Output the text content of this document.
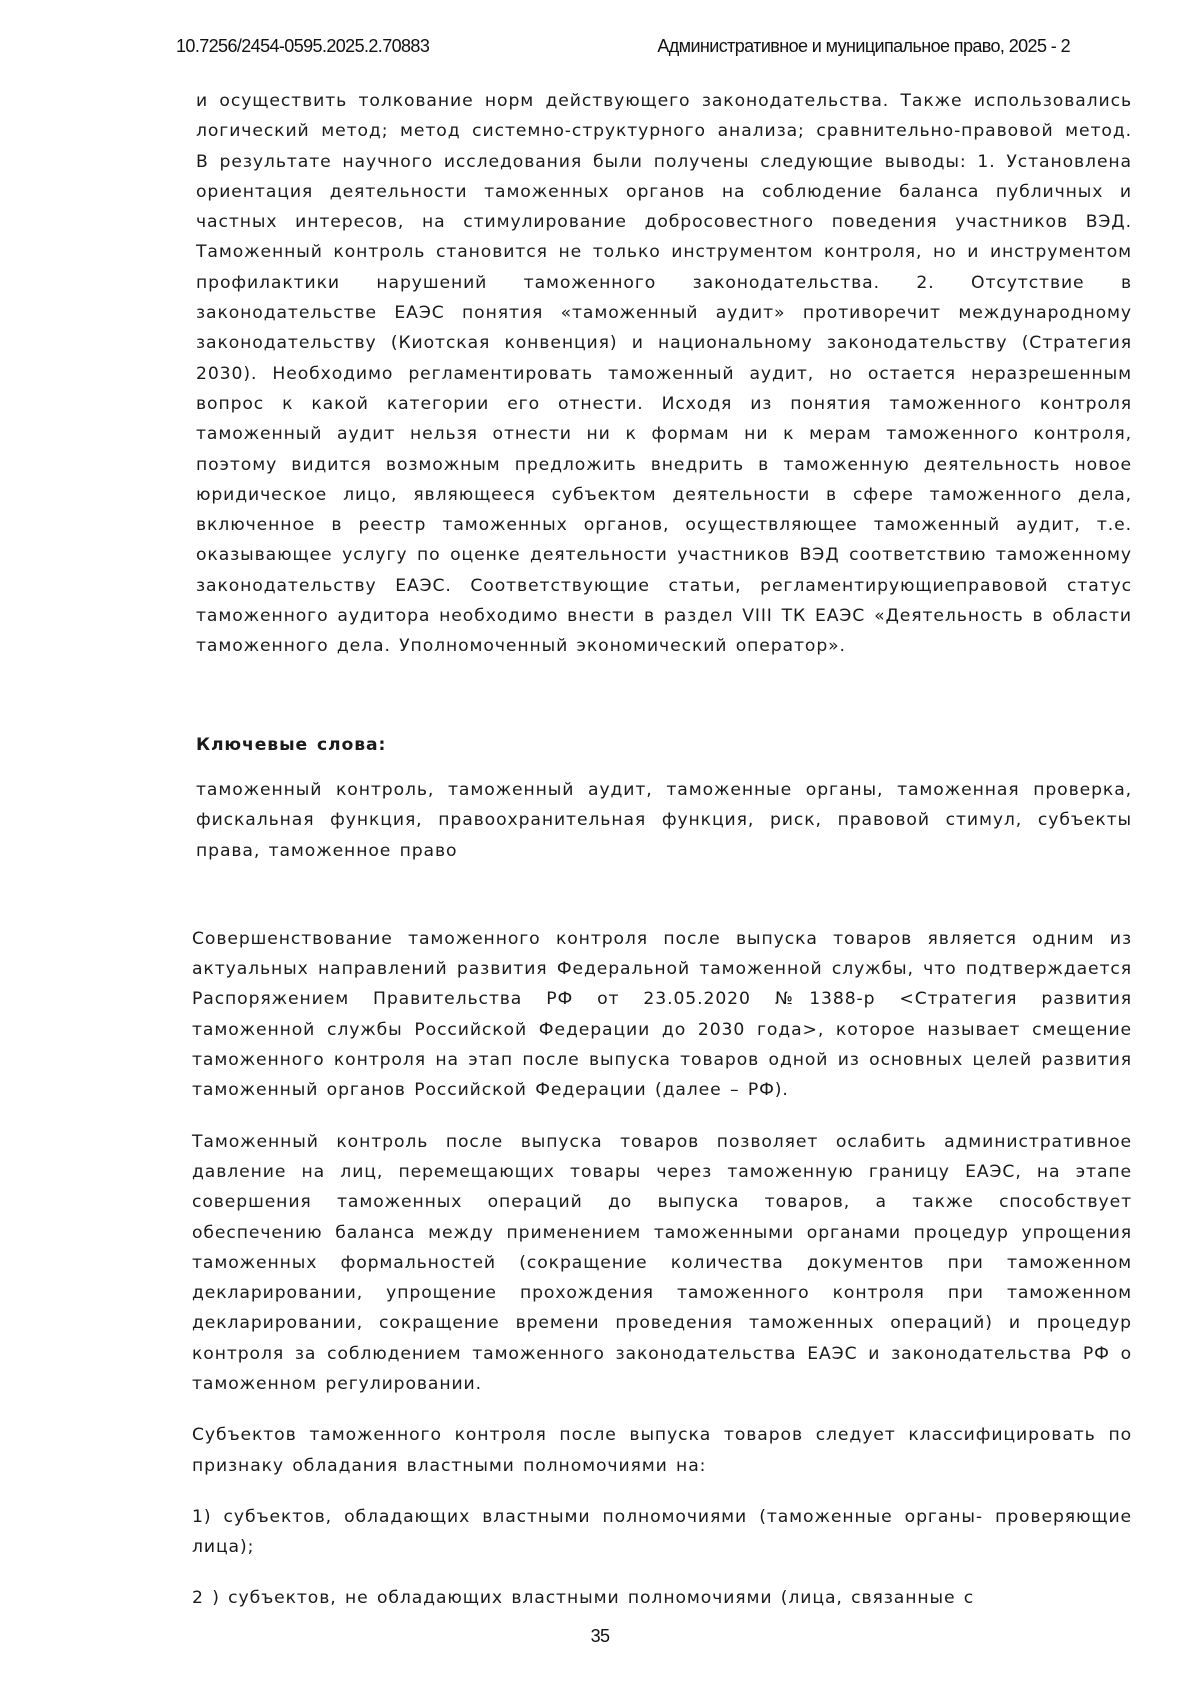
10.7256/2454-0595.2025.2.70883	Административное и муниципальное право, 2025 - 2

и осуществить толкование норм действующего законодательства. Также использовались логический метод; метод системно-структурного анализа; сравнительно-правовой метод. В результате научного исследования были получены следующие выводы: 1. Установлена ориентация деятельности таможенных органов на соблюдение баланса публичных и частных интересов, на стимулирование добросовестного поведения участников ВЭД. Таможенный контроль становится не только инструментом контроля, но и инструментом профилактики нарушений таможенного законодательства. 2. Отсутствие в законодательстве ЕАЭС понятия «таможенный аудит» противоречит международному законодательству (Киотская конвенция) и национальному законодательству (Стратегия 2030). Необходимо регламентировать таможенный аудит, но остается неразрешенным вопрос к какой категории его отнести. Исходя из понятия таможенного контроля таможенный аудит нельзя отнести ни к формам ни к мерам таможенного контроля, поэтому видится возможным предложить внедрить в таможенную деятельность новое юридическое лицо, являющееся субъектом деятельности в сфере таможенного дела, включенное в реестр таможенных органов, осуществляющее таможенный аудит, т.е. оказывающее услугу по оценке деятельности участников ВЭД соответствию таможенному законодательству ЕАЭС. Соответствующие статьи, регламентирующиеправовой статус таможенного аудитора необходимо внести в раздел VIII ТК ЕАЭС «Деятельность в области таможенного дела. Уполномоченный экономический оператор».

Ключевые слова:

таможенный контроль, таможенный аудит, таможенные органы, таможенная проверка, фискальная функция, правоохранительная функция, риск, правовой стимул, субъекты права, таможенное право

Совершенствование таможенного контроля после выпуска товаров является одним из актуальных направлений развития Федеральной таможенной службы, что подтверждается Распоряжением Правительства РФ от 23.05.2020 №1388-р <Стратегия развития таможенной службы Российской Федерации до 2030 года>, которое называет смещение таможенного контроля на этап после выпуска товаров одной из основных целей развития таможенный органов Российской Федерации (далее – РФ).

Таможенный контроль после выпуска товаров позволяет ослабить административное давление на лиц, перемещающих товары через таможенную границу ЕАЭС, на этапе совершения таможенных операций до выпуска товаров, а также способствует обеспечению баланса между применением таможенными органами процедур упрощения таможенных формальностей (сокращение количества документов при таможенном декларировании, упрощение прохождения таможенного контроля при таможенном декларировании, сокращение времени проведения таможенных операций) и процедур контроля за соблюдением таможенного законодательства ЕАЭС и законодательства РФ о таможенном регулировании.

Субъектов таможенного контроля после выпуска товаров следует классифицировать по признаку обладания властными полномочиями на:

1) субъектов, обладающих властными полномочиями (таможенные органы- проверяющие лица);

2 ) субъектов, не обладающих властными полномочиями (лица, связанные с

35
